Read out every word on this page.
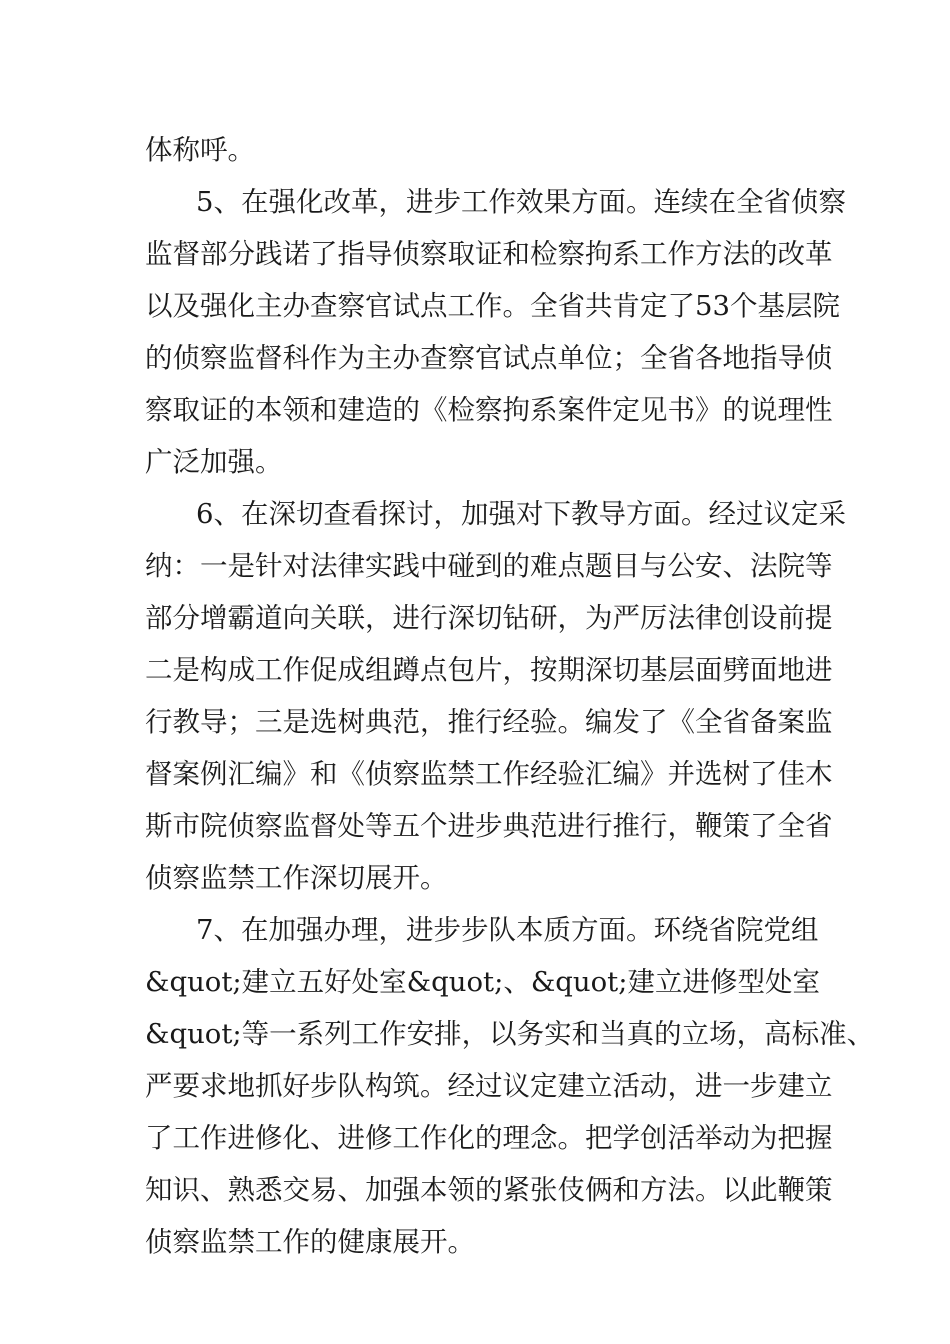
体称呼。
5、在强化改革，进步工作效果方面。连续在全省侦察
监督部分践诺了指导侦察取证和检察拘系工作方法的改革
以及强化主办查察官试点工作。全省共肯定了53个基层院
的侦察监督科作为主办查察官试点单位；全省各地指导侦
察取证的本领和建造的《检察拘系案件定见书》的说理性
广泛加强。
6、在深切查看探讨，加强对下教导方面。经过议定采
纳：一是针对法律实践中碰到的难点题目与公安、法院等
部分增霸道向关联，进行深切钻研，为严厉法律创设前提
二是构成工作促成组蹲点包片，按期深切基层面劈面地进
行教导；三是选树典范，推行经验。编发了《全省备案监
督案例汇编》和《侦察监禁工作经验汇编》并选树了佳木
斯市院侦察监督处等五个进步典范进行推行，鞭策了全省
侦察监禁工作深切展开。
7、在加强办理，进步步队本质方面。环绕省院党组
&quot;建立五好处室&quot;、&quot;建立进修型处室
&quot;等一系列工作安排，以务实和当真的立场，高标准、
严要求地抓好步队构筑。经过议定建立活动，进一步建立
了工作进修化、进修工作化的理念。把学创活举动为把握
知识、熟悉交易、加强本领的紧张伎俩和方法。以此鞭策
侦察监禁工作的健康展开。
